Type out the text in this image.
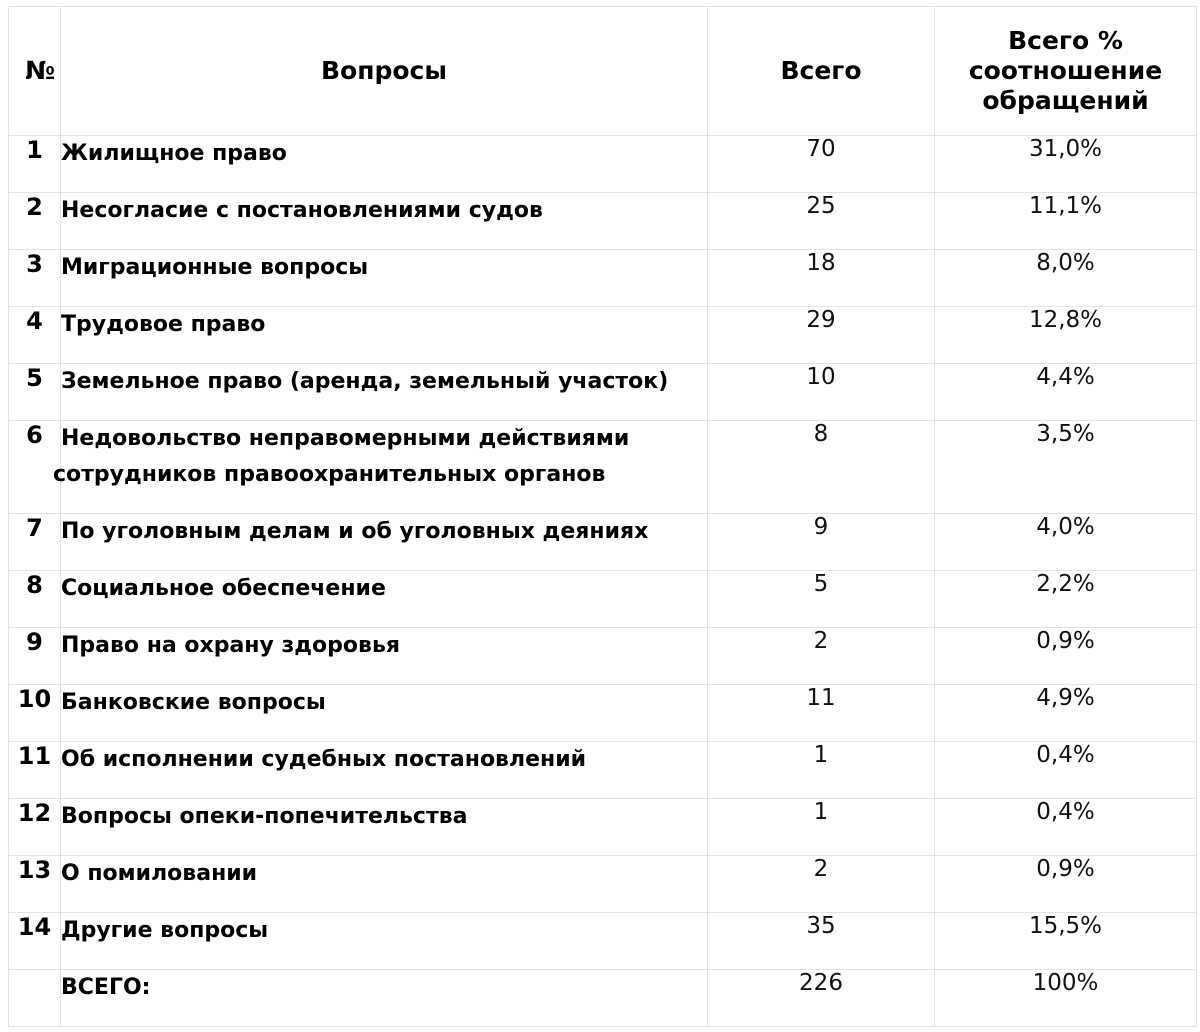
№	Вопросы	Всего	Всего %
соотношение
обращений

1	Жилищное право	70	31,0%
2	Несогласие с постановлениями судов	25	11,1%
3	Миграционные вопросы	18	8,0%
4	Трудовое право	29	12,8%
5	Земельное право (аренда, земельный участок)	10	4,4%
6	Недовольство неправомерными действиями
сотрудников правоохранительных органов	8	3,5%
7	По уголовным делам и об уголовных деяниях	9	4,0%
8	Социальное обеспечение	5	2,2%
9	Право на охрану здоровья	2	0,9%
10	Банковские вопросы	11	4,9%
11	Об исполнении судебных постановлений	1	0,4%
12	Вопросы опеки-попечительства	1	0,4%
13	О помиловании	2	0,9%
14	Другие вопросы	35	15,5%
	ВСЕГО:	226	100%
